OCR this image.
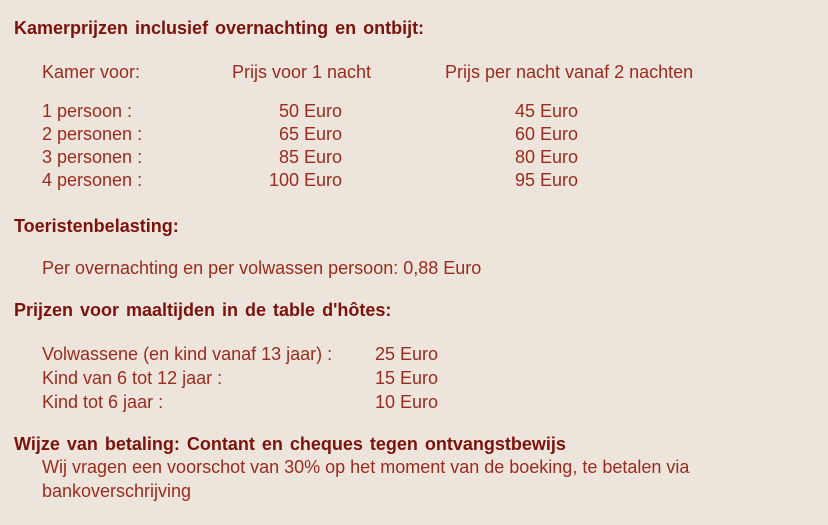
Kamerprijzen inclusief overnachting en ontbijt:
Kamer voor:	Prijs voor 1 nacht	Prijs per nacht vanaf 2 nachten
1 persoon :	50 Euro	45 Euro
2 personen :	65 Euro	60 Euro
3 personen :	85 Euro	80 Euro
4 personen :	100 Euro	95 Euro
Toeristenbelasting:
Per overnachting en per volwassen persoon: 0,88 Euro
Prijzen voor maaltijden in de table d'hôtes:
Volwassene (en kind vanaf 13 jaar) :	25 Euro
Kind van 6 tot 12 jaar :	15 Euro
Kind tot 6 jaar :	10 Euro
Wijze van betaling: Contant en cheques tegen ontvangstbewijs
Wij vragen een voorschot van 30% op het moment van de boeking, te betalen via bankoverschrijving
